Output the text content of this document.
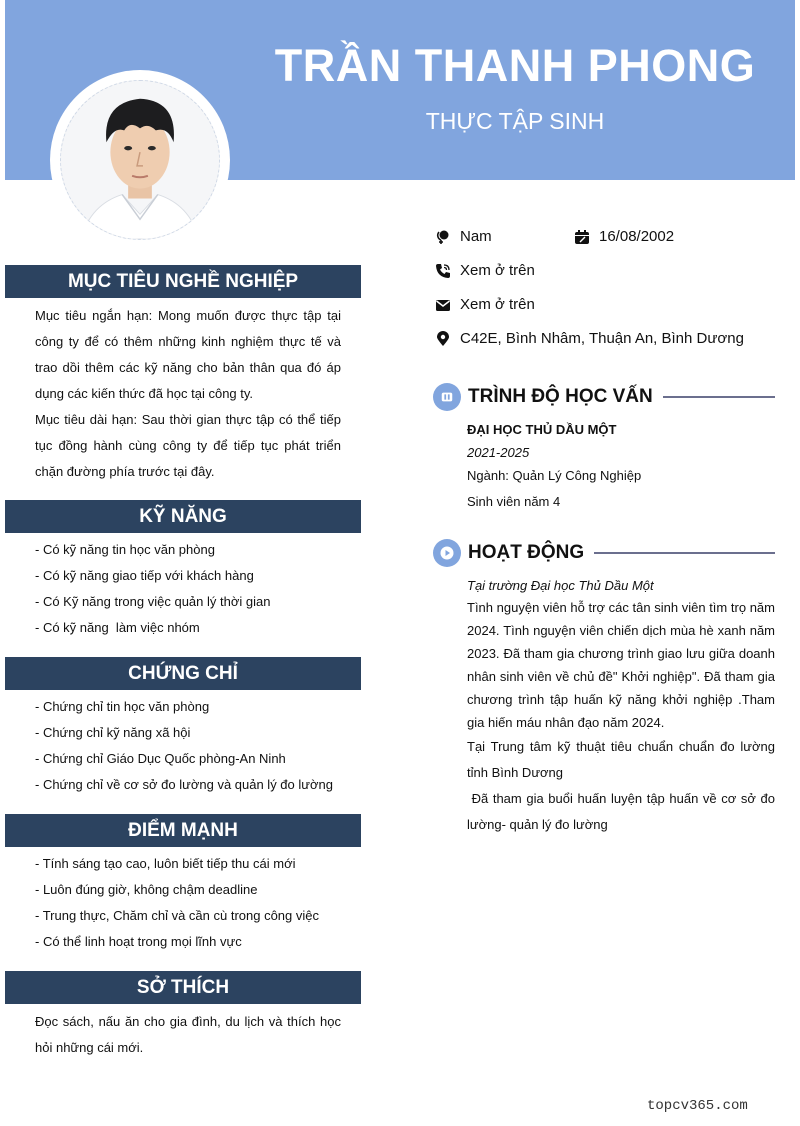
TRẦN THANH PHONG
THỰC TẬP SINH
Nam	16/08/2002
Xem ở trên
Xem ở trên
C42E, Bình Nhâm, Thuận An, Bình Dương
MỤC TIÊU NGHỀ NGHIỆP

Mục tiêu ngắn hạn: Mong muốn được thực tập tại công ty để có thêm những kinh nghiệm thực tế và trao dồi thêm các kỹ năng cho bản thân qua đó áp dụng các kiến thức đã học tại công ty.

Mục tiêu dài hạn: Sau thời gian thực tập có thể tiếp tục đồng hành cùng công ty để tiếp tục phát triển chặn đường phía trước tại đây.

KỸ NĂNG
- Có kỹ năng tin học văn phòng
- Có kỹ năng giao tiếp với khách hàng
- Có Kỹ năng trong việc quản lý thời gian
- Có kỹ năng  làm việc nhóm
CHỨNG CHỈ
- Chứng chỉ tin học văn phòng
- Chứng chỉ kỹ năng xã hội
- Chứng chỉ Giáo Dục Quốc phòng-An Ninh
- Chứng chỉ về cơ sở đo lường và quản lý đo lường
ĐIỂM MẠNH
- Tính sáng tạo cao, luôn biết tiếp thu cái mới
- Luôn đúng giờ, không chậm deadline
- Trung thực, Chăm chỉ và cần cù trong công việc
- Có thể linh hoạt trong mọi lĩnh vực
SỞ THÍCH

Đọc sách, nấu ăn cho gia đình, du lịch và thích học hỏi những cái mới.

TRÌNH ĐỘ HỌC VẤN
ĐẠI HỌC THỦ DẦU MỘT
2021-2025
Ngành: Quản Lý Công Nghiệp
Sinh viên năm 4
HOẠT ĐỘNG
Tại trường Đại học Thủ Dầu Một

Tình nguyện viên hỗ trợ các tân sinh viên tìm trọ năm 2024. Tình nguyện viên chiến dịch mùa hè xanh năm 2023. Đã tham gia chương trình giao lưu giữa doanh nhân sinh viên về chủ đề" Khởi nghiệp". Đã tham gia chương trình tập huấn kỹ năng khởi nghiệp .Tham gia hiến máu nhân đạo năm 2024.

Tại Trung tâm kỹ thuật tiêu chuẩn chuẩn đo lường tỉnh Bình Dương

Đã tham gia buổi huấn luyện tập huấn về cơ sở đo lường- quản lý đo lường

topcv365.com
